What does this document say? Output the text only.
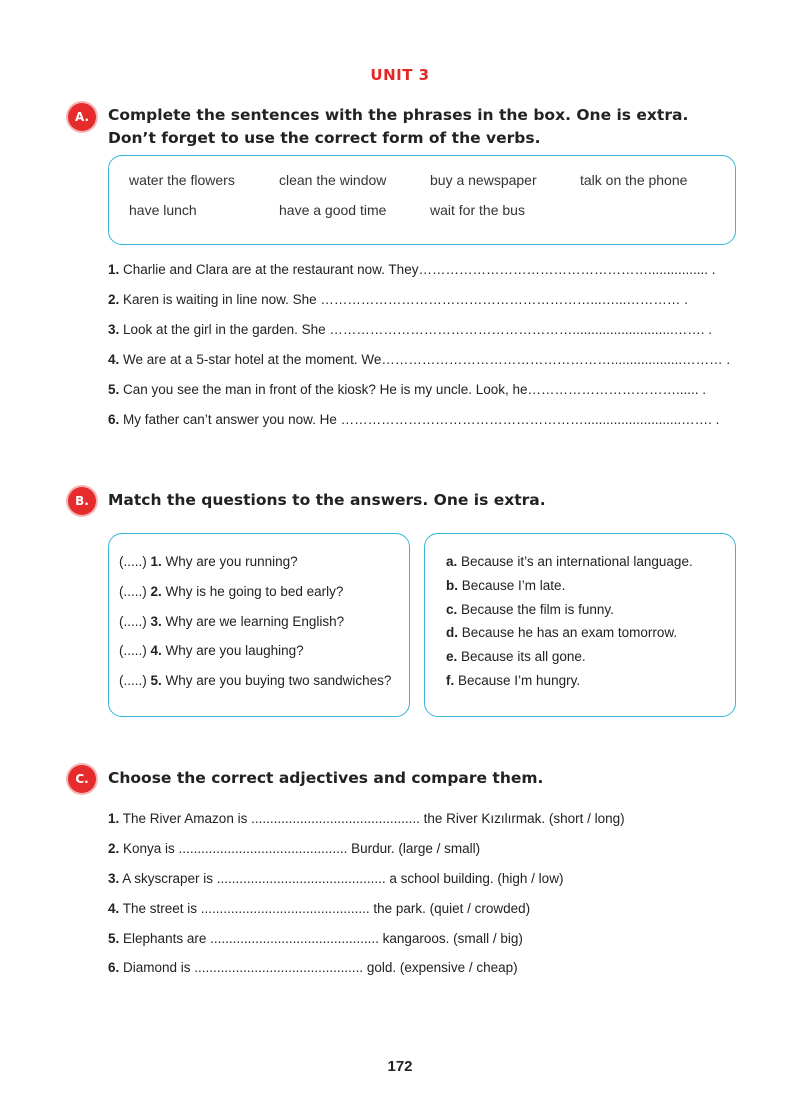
UNIT 3
A.	Complete the sentences with the phrases in the box. One is extra. Don’t forget to use the correct form of the verbs.
water the flowers	clean the window	buy a newspaper	talk on the phone
have lunch	have a good time	wait for the bus
1. Charlie and Clara are at the restaurant now. They……………………………………………................ .
2. Karen is waiting in line now. She ……………………………………………………...…...………… .
3. Look at the girl in the garden. She ………………………………………………...........................……. .
4. We are at a 5-star hotel at the moment. We……………………………………………...................……… .
5. Can you see the man in front of the kiosk? He is my uncle. Look, he……………………………...... .
6. My father can’t answer you now. He ………………………………………………..........................……. .
B.	Match the questions to the answers. One is extra.
(.....) 1. Why are you running?
(.....) 2. Why is he going to bed early?
(.....) 3. Why are we learning English?
(.....) 4. Why are you laughing?
(.....) 5. Why are you buying two sandwiches?
a. Because it’s an international language.
b. Because I’m late.
c. Because the film is funny.
d. Because he has an exam tomorrow.
e. Because its all gone.
f. Because I’m hungry.
C.	Choose the correct adjectives and compare them.
1. The River Amazon is ............................................. the River Kızılırmak. (short / long)
2. Konya is ............................................. Burdur. (large / small)
3. A skyscraper is ............................................. a school building. (high / low)
4. The street is ............................................. the park. (quiet / crowded)
5. Elephants are ............................................. kangaroos. (small / big)
6. Diamond is ............................................. gold. (expensive / cheap)
172
